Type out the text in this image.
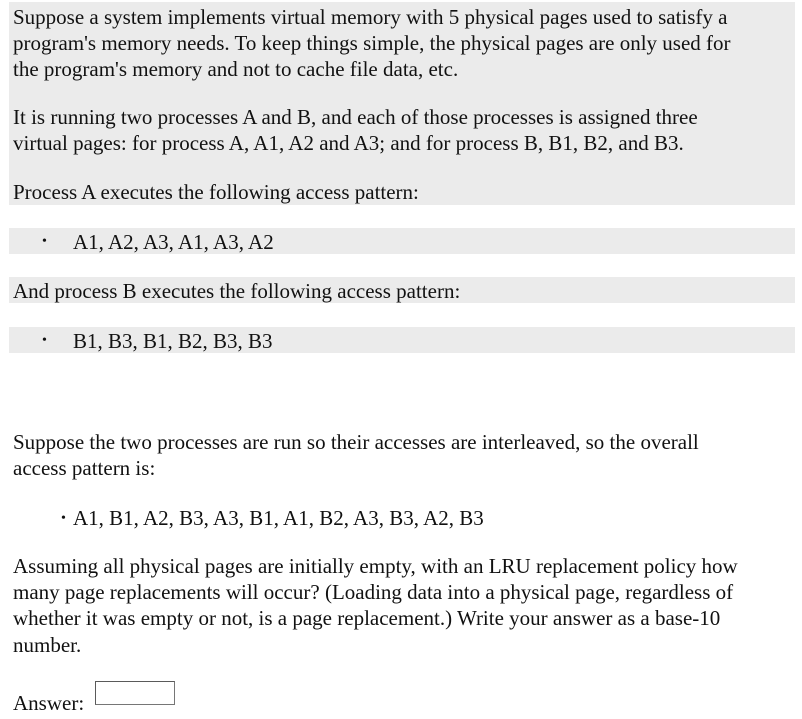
Suppose a system implements virtual memory with 5 physical pages used to satisfy a
program's memory needs. To keep things simple, the physical pages are only used for
the program's memory and not to cache file data, etc.
It is running two processes A and B, and each of those processes is assigned three
virtual pages: for process A, A1, A2 and A3; and for process B, B1, B2, and B3.
Process A executes the following access pattern:
• A1, A2, A3, A1, A3, A2
And process B executes the following access pattern:
• B1, B3, B1, B2, B3, B3
Suppose the two processes are run so their accesses are interleaved, so the overall
access pattern is:
• A1, B1, A2, B3, A3, B1, A1, B2, A3, B3, A2, B3
Assuming all physical pages are initially empty, with an LRU replacement policy how
many page replacements will occur? (Loading data into a physical page, regardless of
whether it was empty or not, is a page replacement.) Write your answer as a base-10
number.
Answer:
